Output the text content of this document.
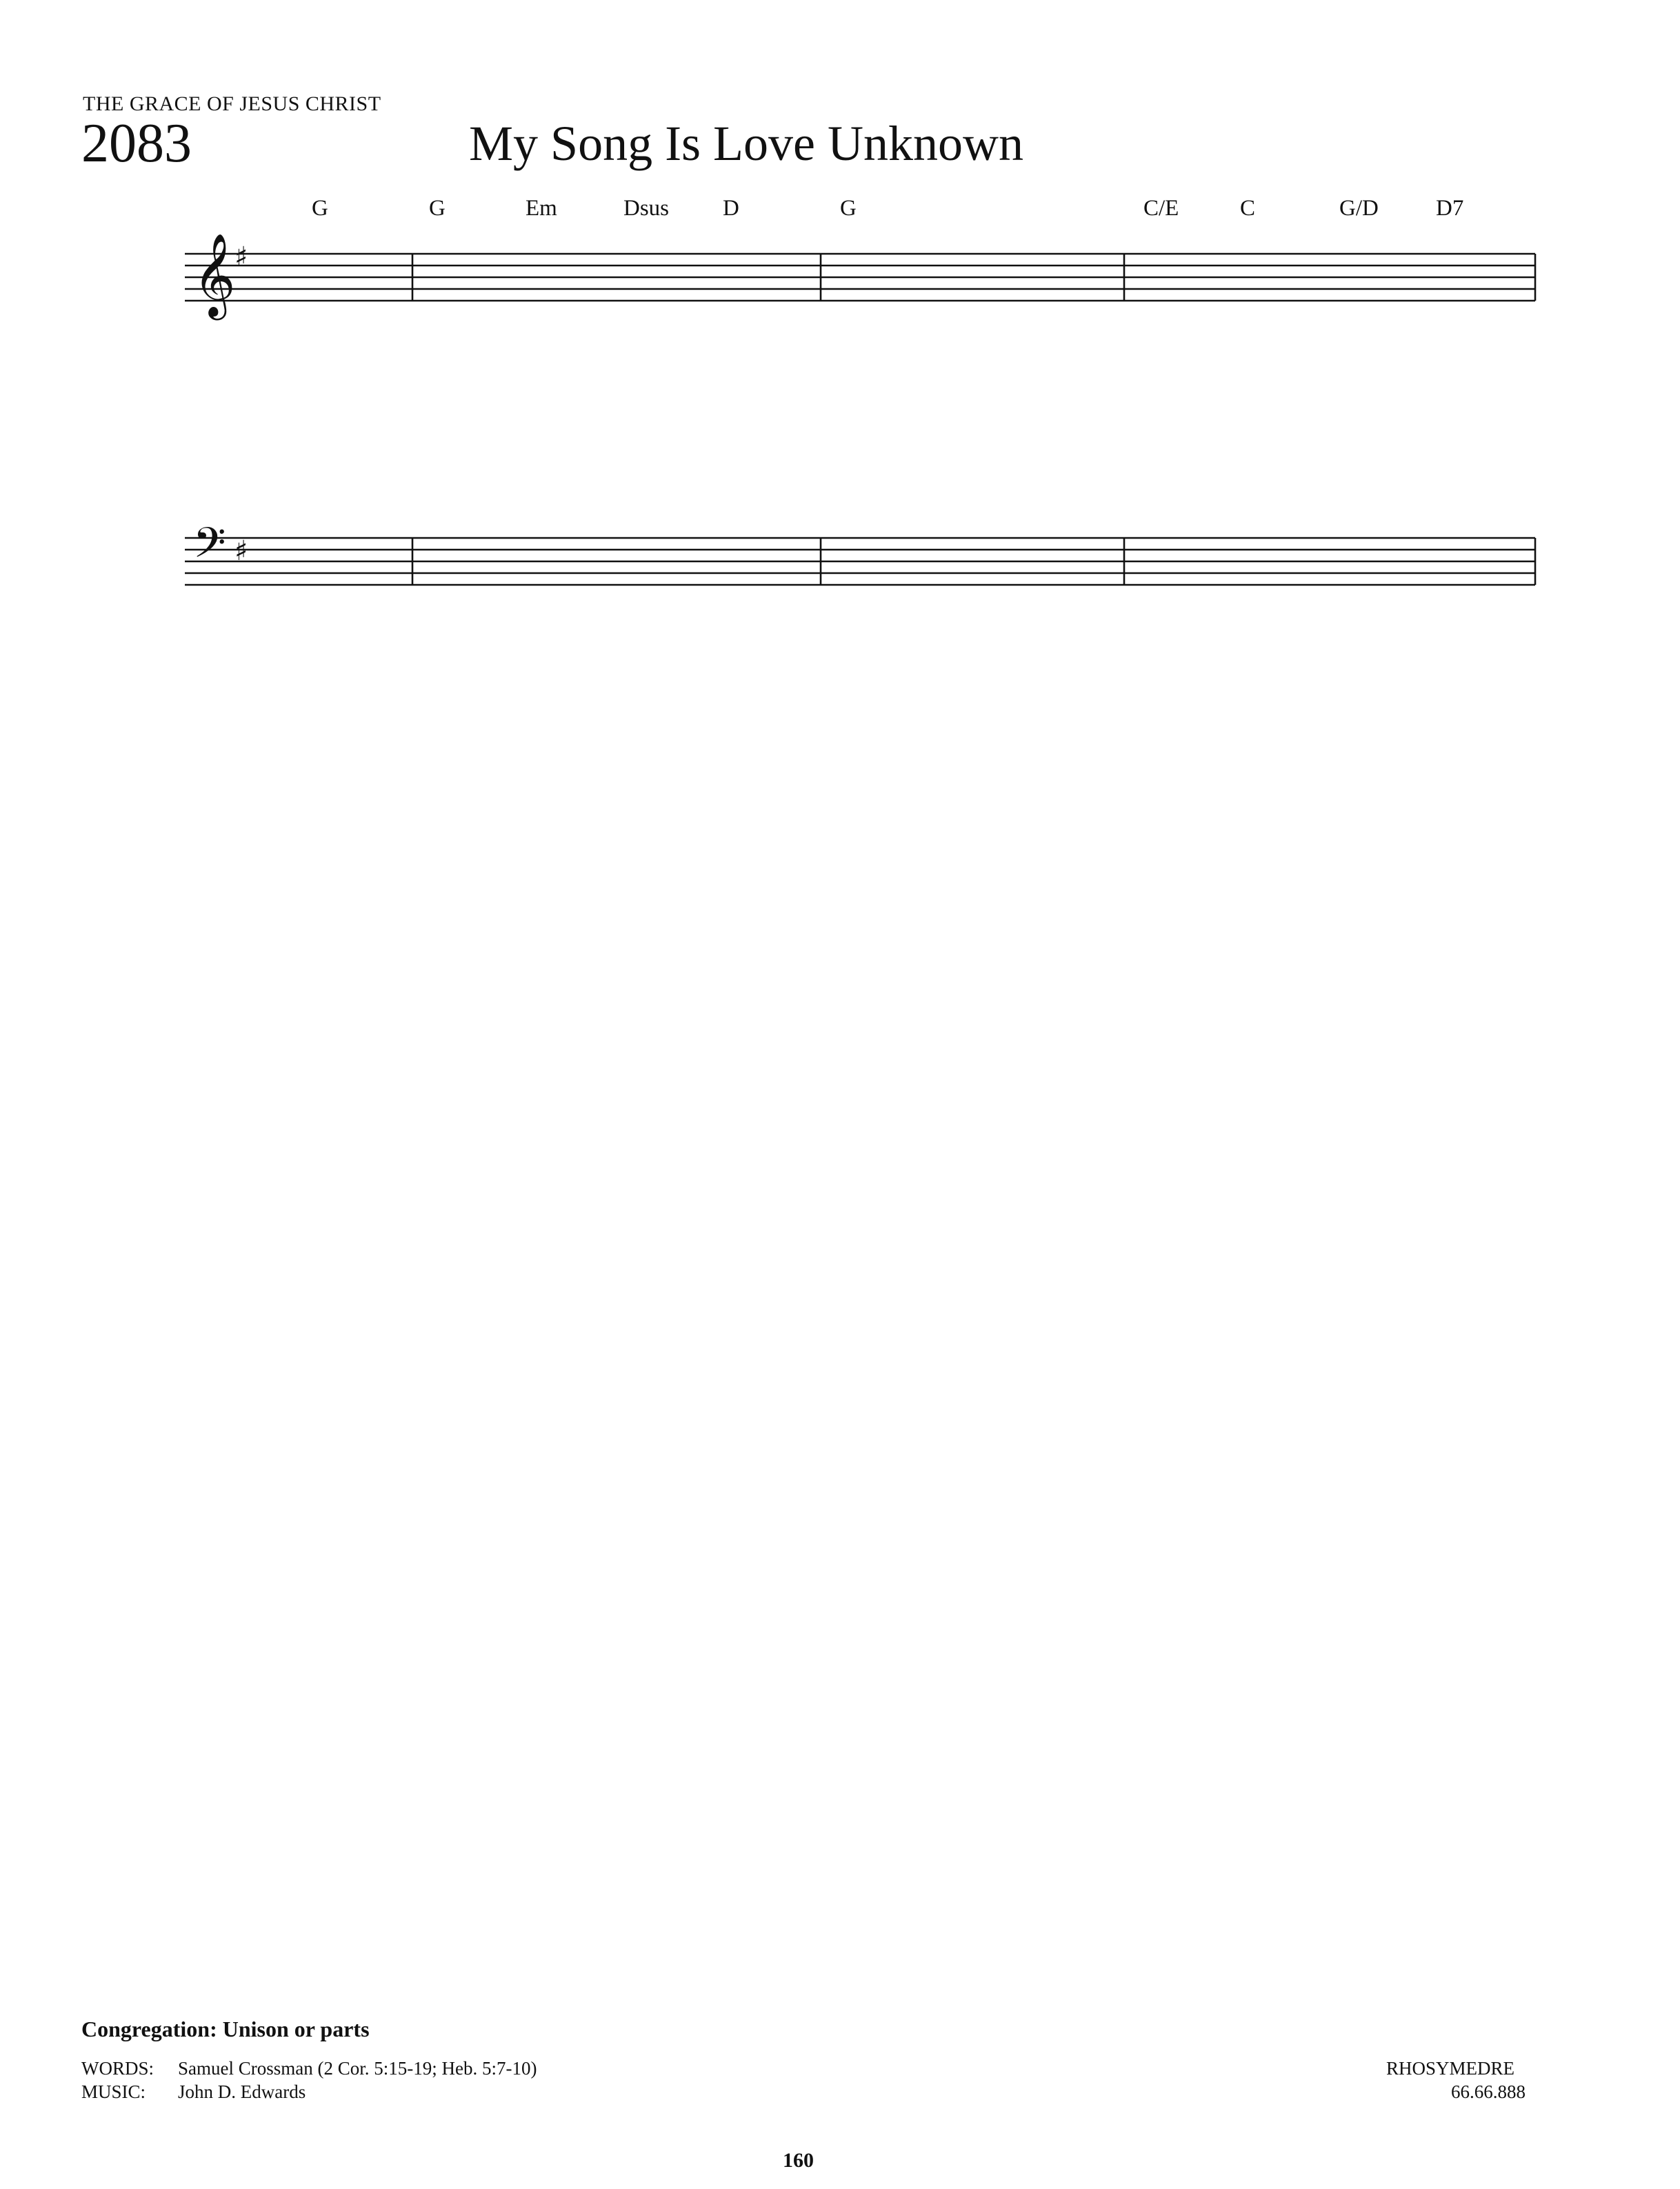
THE GRACE OF JESUS CHRIST
2083	My Song Is Love Unknown
𝄞
♯
𝄢 ♯
G	G	Em	Dsus D	G	C/E	C	G/D	D7
Congregation: Unison or parts
WORDS: Samuel Crossman (2 Cor. 5:15-19; Heb. 5:7-10)
MUSIC: John D. Edwards
RHOSYMEDRE
66.66.888
160
